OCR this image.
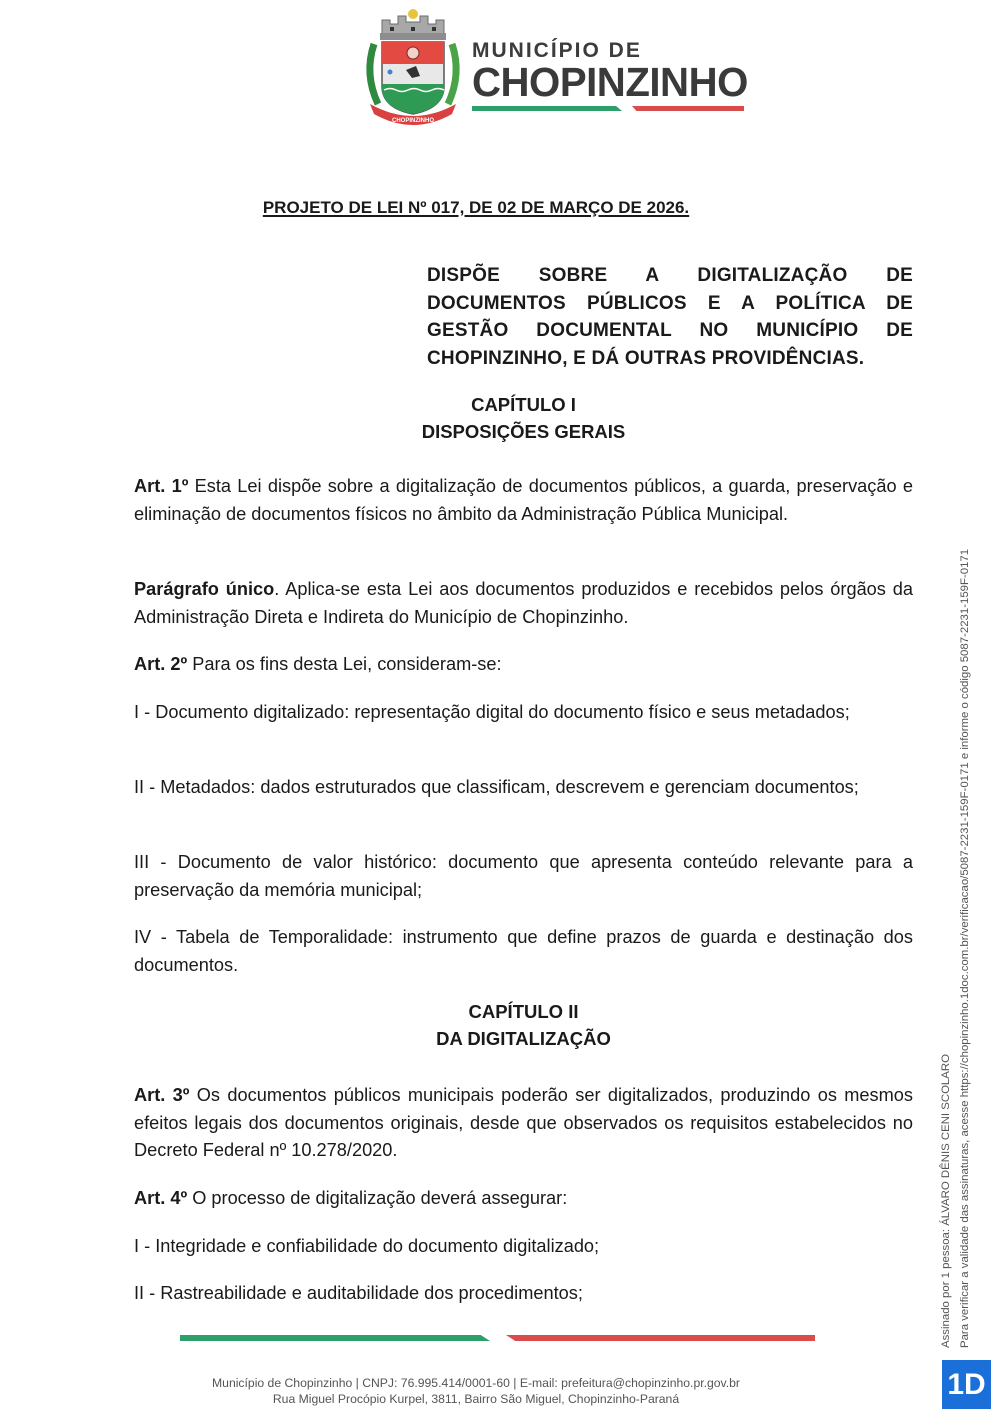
CHOPINZINHO
MUNICÍPIO DE
CHOPINZINHO
PROJETO DE LEI Nº 017, DE 02 DE MARÇO DE 2026.
DISPÕE SOBRE A DIGITALIZAÇÃO DE DOCUMENTOS PÚBLICOS E A POLÍTICA DE GESTÃO DOCUMENTAL NO MUNICÍPIO DE CHOPINZINHO, E DÁ OUTRAS PROVIDÊNCIAS.
CAPÍTULO I
DISPOSIÇÕES GERAIS
Art. 1º Esta Lei dispõe sobre a digitalização de documentos públicos, a guarda, preservação e eliminação de documentos físicos no âmbito da Administração Pública Municipal.
Parágrafo único. Aplica-se esta Lei aos documentos produzidos e recebidos pelos órgãos da Administração Direta e Indireta do Município de Chopinzinho.
Art. 2º Para os fins desta Lei, consideram-se:
I - Documento digitalizado: representação digital do documento físico e seus metadados;
II - Metadados: dados estruturados que classificam, descrevem e gerenciam documentos;
III - Documento de valor histórico: documento que apresenta conteúdo relevante para a preservação da memória municipal;
IV - Tabela de Temporalidade: instrumento que define prazos de guarda e destinação dos documentos.
CAPÍTULO II
DA DIGITALIZAÇÃO
Art. 3º Os documentos públicos municipais poderão ser digitalizados, produzindo os mesmos efeitos legais dos documentos originais, desde que observados os requisitos estabelecidos no Decreto Federal nº 10.278/2020.
Art. 4º O processo de digitalização deverá assegurar:
I - Integridade e confiabilidade do documento digitalizado;
II - Rastreabilidade e auditabilidade dos procedimentos;
Município de Chopinzinho | CNPJ: 76.995.414/0001-60 | E-mail: prefeitura@chopinzinho.pr.gov.br
Rua Miguel Procópio Kurpel, 3811, Bairro São Miguel, Chopinzinho-Paraná
Assinado por 1 pessoa: ÁLVARO DÊNIS CENI SCOLARO Para verificar a validade das assinaturas, acesse https://chopinzinho.1doc.com.br/verificacao/5087-2231-159F-0171 e informe o código 5087-2231-159F-0171
1D
